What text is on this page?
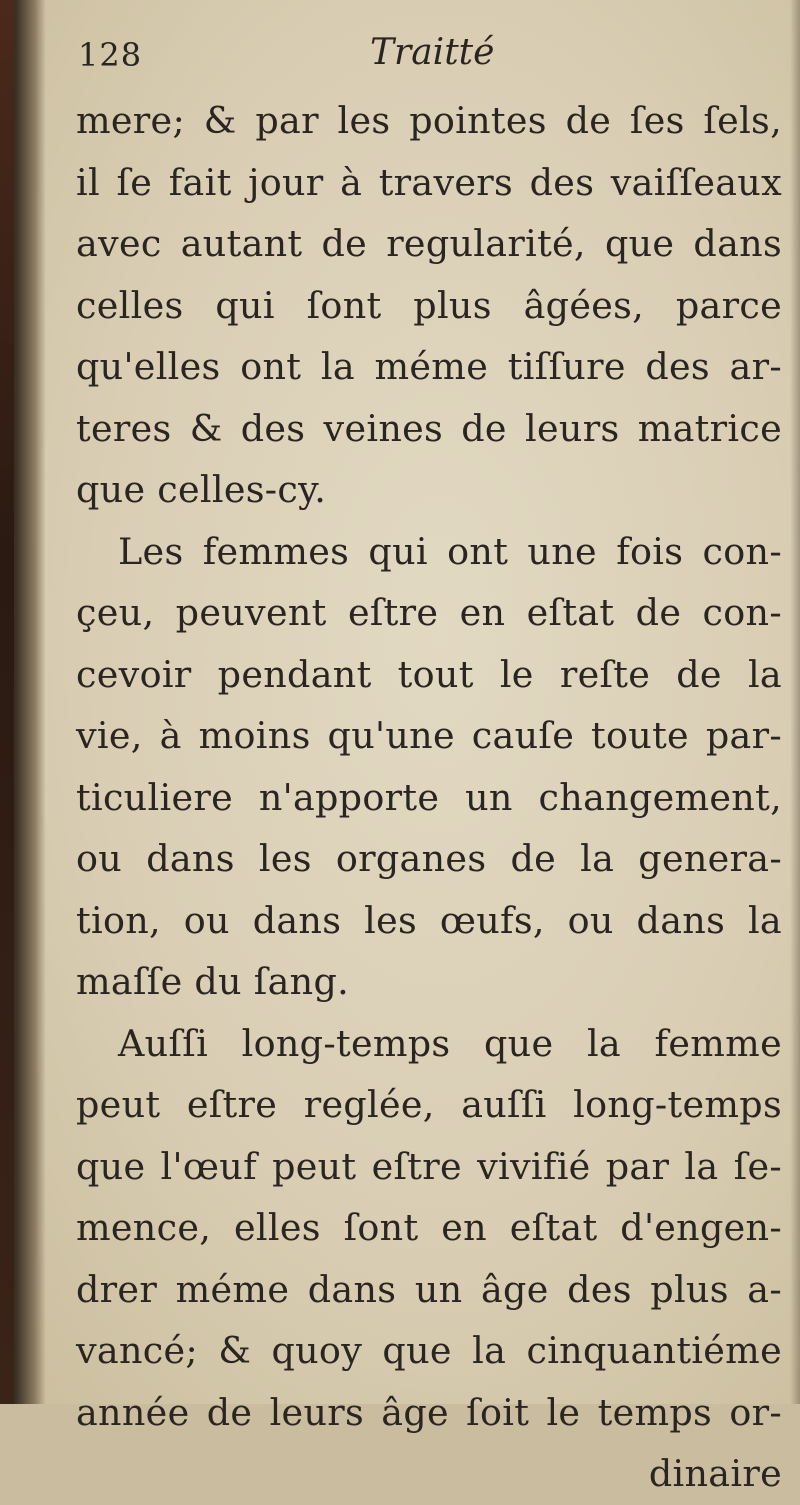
128	Traitté
mere; & par les pointes de ſes ſels,
il ſe fait jour à travers des vaiſſeaux
avec autant de regularité, que dans
celles qui ſont plus âgées, parce
qu'elles ont la méme tiſſure des ar-
teres & des veines de leurs matrice
que celles-cy.
Les femmes qui ont une fois con-
çeu, peuvent eſtre en eſtat de con-
cevoir pendant tout le reſte de la
vie, à moins qu'une cauſe toute par-
ticuliere n'apporte un changement,
ou dans les organes de la genera-
tion, ou dans les œufs, ou dans la
maſſe du ſang.
Auſſi long-temps que la femme
peut eſtre reglée, auſſi long-temps
que l'œuf peut eſtre vivifié par la ſe-
mence, elles ſont en eſtat d'engen-
drer méme dans un âge des plus a-
vancé; & quoy que la cinquantiéme
année de leurs âge ſoit le temps or-
dinaire
